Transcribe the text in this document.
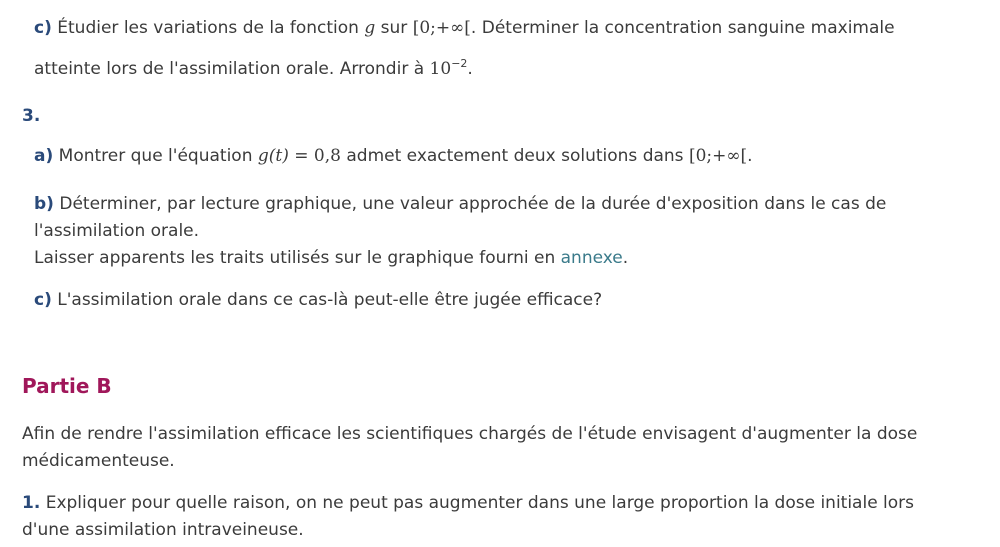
c) Étudier les variations de la fonction g sur [0;+∞[. Déterminer la concentration sanguine maximale
atteinte lors de l'assimilation orale. Arrondir à $10^{-2}$.
3.
a) Montrer que l'équation g(t) = 0,8 admet exactement deux solutions dans [0;+∞[.
b) Déterminer, par lecture graphique, une valeur approchée de la durée d'exposition dans le cas de
l'assimilation orale.
Laisser apparents les traits utilisés sur le graphique fourni en annexe.
c) L'assimilation orale dans ce cas-là peut-elle être jugée efficace?
Partie B
Afin de rendre l'assimilation efficace les scientifiques chargés de l'étude envisagent d'augmenter la dose
médicamenteuse.
1. Expliquer pour quelle raison, on ne peut pas augmenter dans une large proportion la dose initiale lors
d'une assimilation intraveineuse.
